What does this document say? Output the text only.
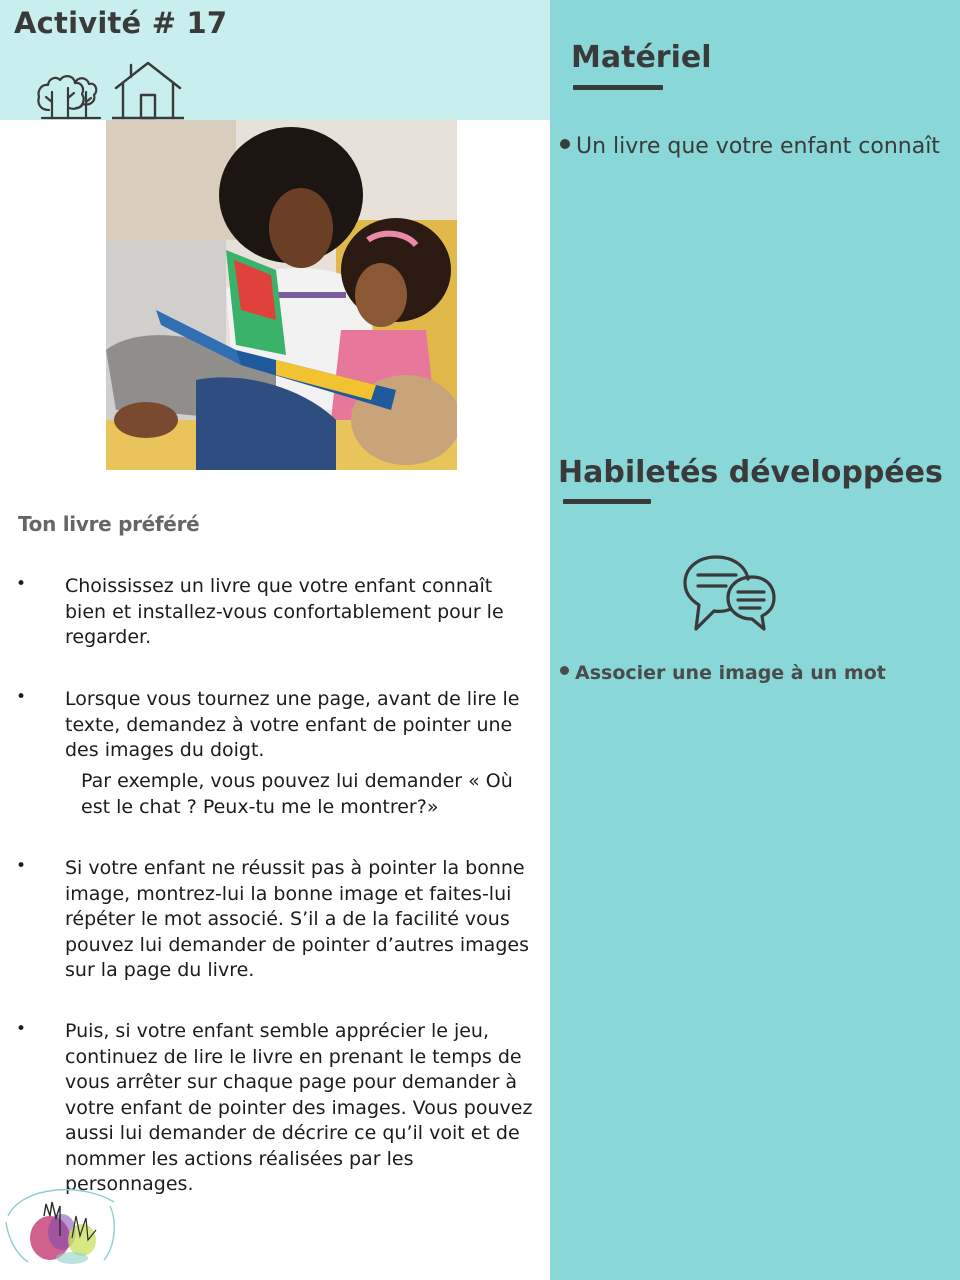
Activité # 17
Matériel
Un livre que votre enfant connaît
Habiletés développées
Associer une image à un mot
Ton livre préféré
• Choississez un livre que votre enfant connaît bien et installez-vous confortablement pour le regarder.
• Lorsque vous tournez une page, avant de lire le texte, demandez à votre enfant de pointer une des images du doigt.
Par exemple, vous pouvez lui demander « Où est le chat ? Peux-tu me le montrer?»
• Si votre enfant ne réussit pas à pointer la bonne image, montrez-lui la bonne image et faites-lui répéter le mot associé. S’il a de la facilité vous pouvez lui demander de pointer d’autres images sur la page du livre.
• Puis, si votre enfant semble apprécier le jeu, continuez de lire le livre en prenant le temps de vous arrêter sur chaque page pour demander à votre enfant de pointer des images. Vous pouvez aussi lui demander de décrire ce qu’il voit et de nommer les actions réalisées par les personnages.
